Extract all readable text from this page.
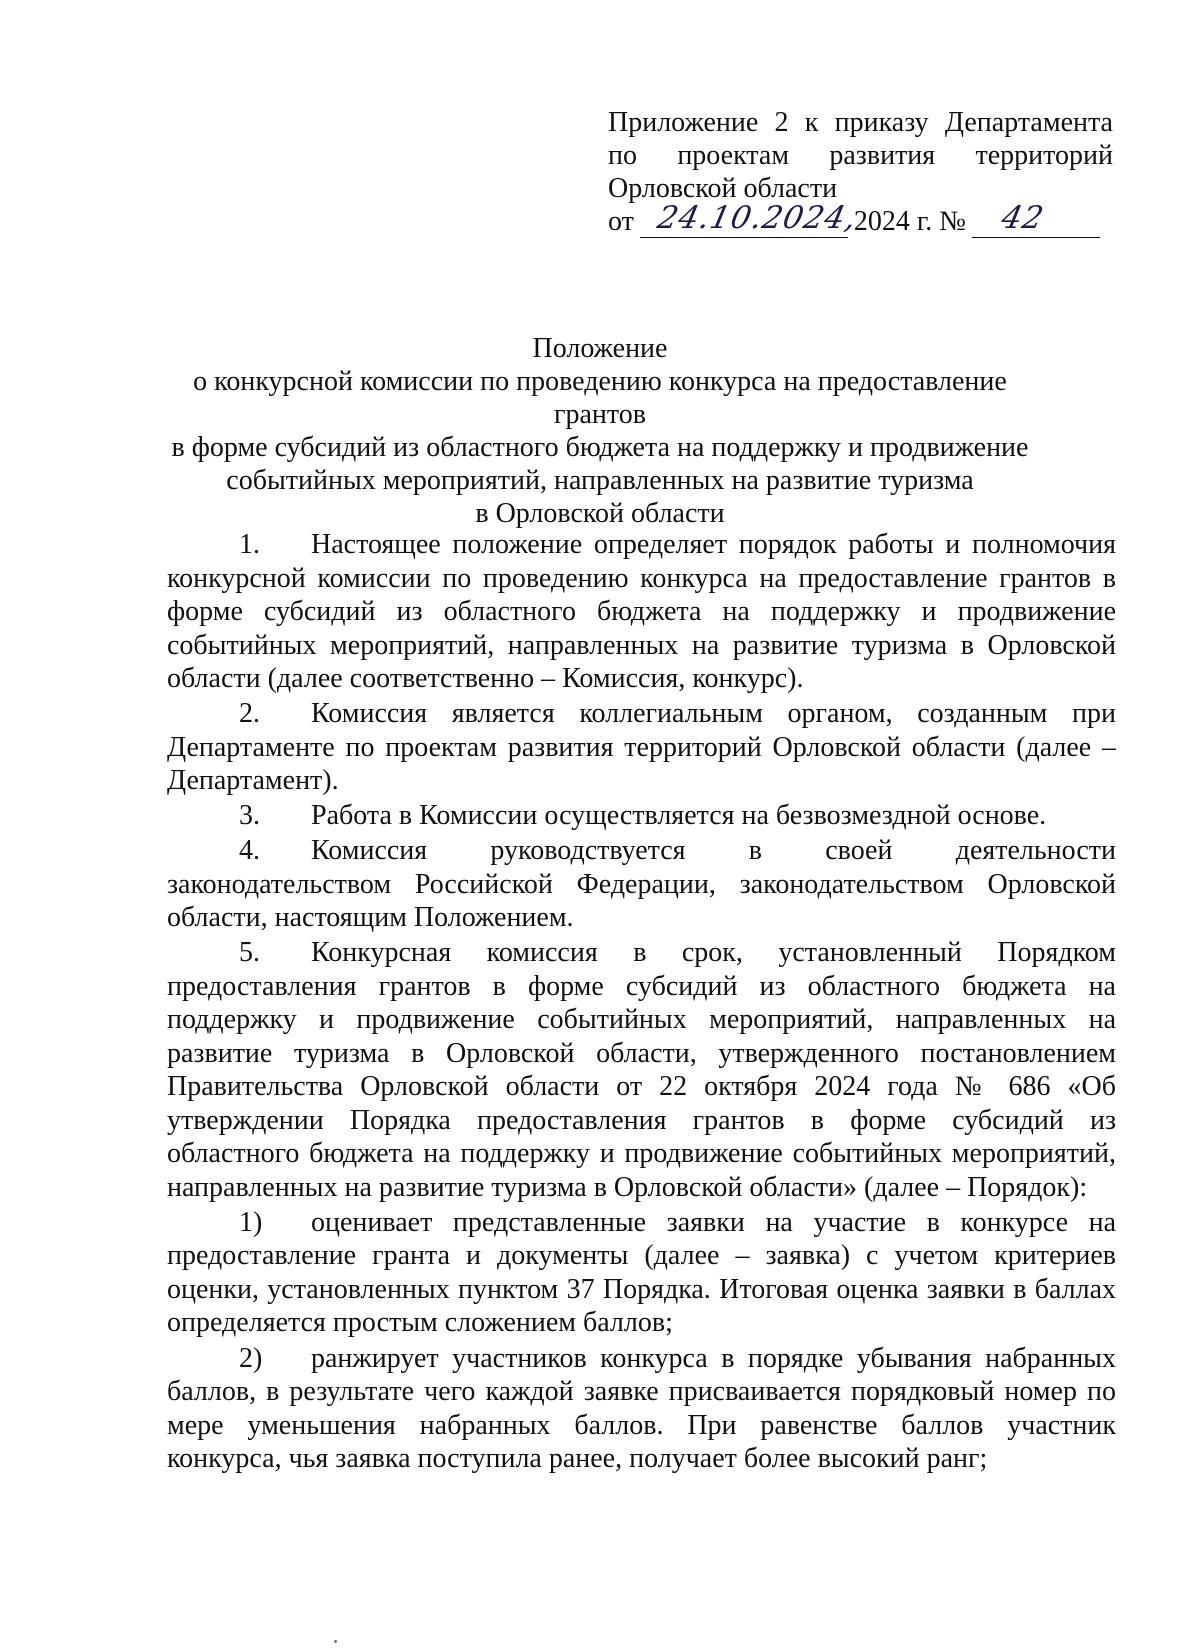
Приложение 2 к приказу Департамента
по проектам развития территорий
Орловской области
от 24.10.2024,
2024 г. № 42
Положение
о конкурсной комиссии по проведению конкурса на предоставление грантов
в форме субсидий из областного бюджета на поддержку и продвижение
событийных мероприятий, направленных на развитие туризма
в Орловской области

1. Настоящее положение определяет порядок работы и полномочия конкурсной комиссии по проведению конкурса на предоставление грантов в форме субсидий из областного бюджета на поддержку и продвижение событийных мероприятий, направленных на развитие туризма в Орловской области (далее соответственно – Комиссия, конкурс).

2. Комиссия является коллегиальным органом, созданным при Департаменте по проектам развития территорий Орловской области (далее – Департамент).

3. Работа в Комиссии осуществляется на безвозмездной основе.

4. Комиссия руководствуется в своей деятельности законодательством Российской Федерации, законодательством Орловской области, настоящим Положением.

5. Конкурсная комиссия в срок, установленный Порядком предоставления грантов в форме субсидий из областного бюджета на поддержку и продвижение событийных мероприятий, направленных на развитие туризма в Орловской области, утвержденного постановлением Правительства Орловской области от 22 октября 2024 года № 686 «Об утверждении Порядка предоставления грантов в форме субсидий из областного бюджета на поддержку и продвижение событийных мероприятий, направленных на развитие туризма в Орловской области» (далее – Порядок):

1) оценивает представленные заявки на участие в конкурсе на предоставление гранта и документы (далее – заявка) с учетом критериев оценки, установленных пунктом 37 Порядка. Итоговая оценка заявки в баллах определяется простым сложением баллов;

2) ранжирует участников конкурса в порядке убывания набранных баллов, в результате чего каждой заявке присваивается порядковый номер по мере уменьшения набранных баллов. При равенстве баллов участник конкурса, чья заявка поступила ранее, получает более высокий ранг;
